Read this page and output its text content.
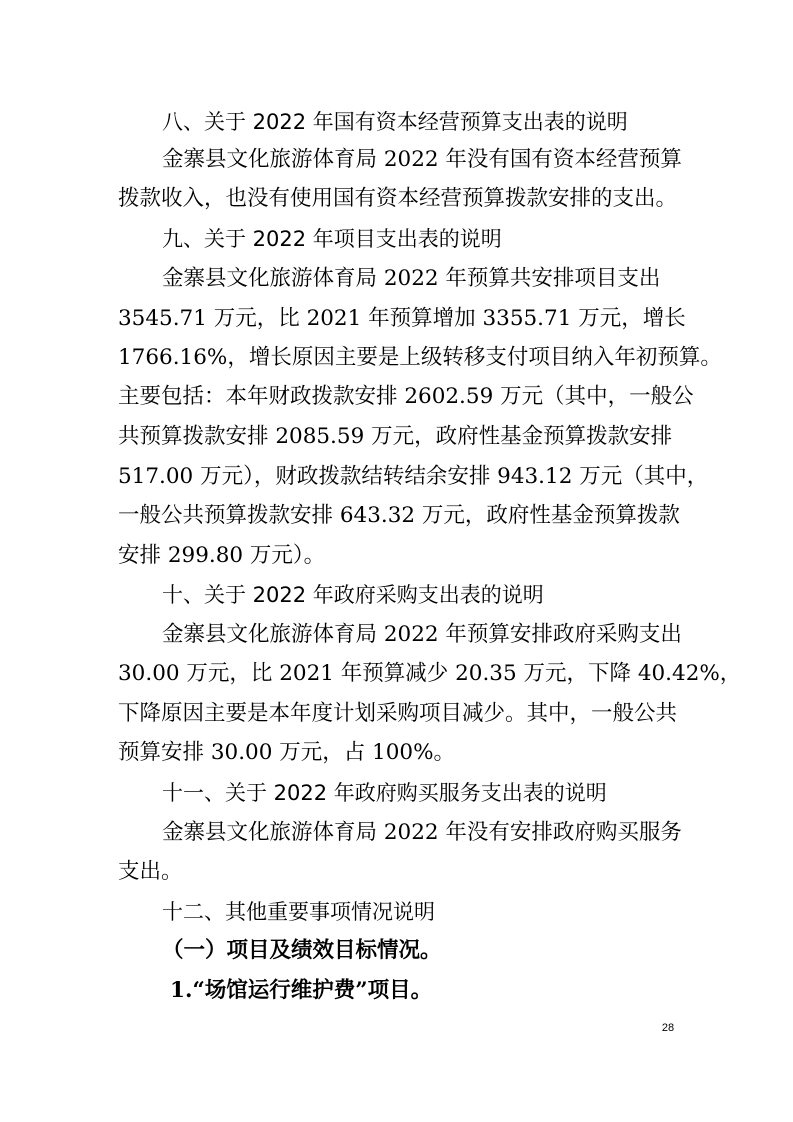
八、关于 2022 年国有资本经营预算支出表的说明
金寨县文化旅游体育局 2022 年没有国有资本经营预算
拨款收入，也没有使用国有资本经营预算拨款安排的支出。
九、关于 2022 年项目支出表的说明
金寨县文化旅游体育局 2022 年预算共安排项目支出
3545.71 万元，比 2021 年预算增加 3355.71 万元，增长
1766.16%，增长原因主要是上级转移支付项目纳入年初预算。
主要包括：本年财政拨款安排 2602.59 万元（其中，一般公
共预算拨款安排 2085.59 万元，政府性基金预算拨款安排
517.00 万元），财政拨款结转结余安排 943.12 万元（其中，
一般公共预算拨款安排 643.32 万元，政府性基金预算拨款
安排 299.80 万元）。
十、关于 2022 年政府采购支出表的说明
金寨县文化旅游体育局 2022 年预算安排政府采购支出
30.00 万元，比 2021 年预算减少 20.35 万元，下降 40.42%，
下降原因主要是本年度计划采购项目减少。其中，一般公共
预算安排 30.00 万元，占 100%。
十一、关于 2022 年政府购买服务支出表的说明
金寨县文化旅游体育局 2022 年没有安排政府购买服务
支出。
十二、其他重要事项情况说明
（一）项目及绩效目标情况。
1.“场馆运行维护费”项目。
28
